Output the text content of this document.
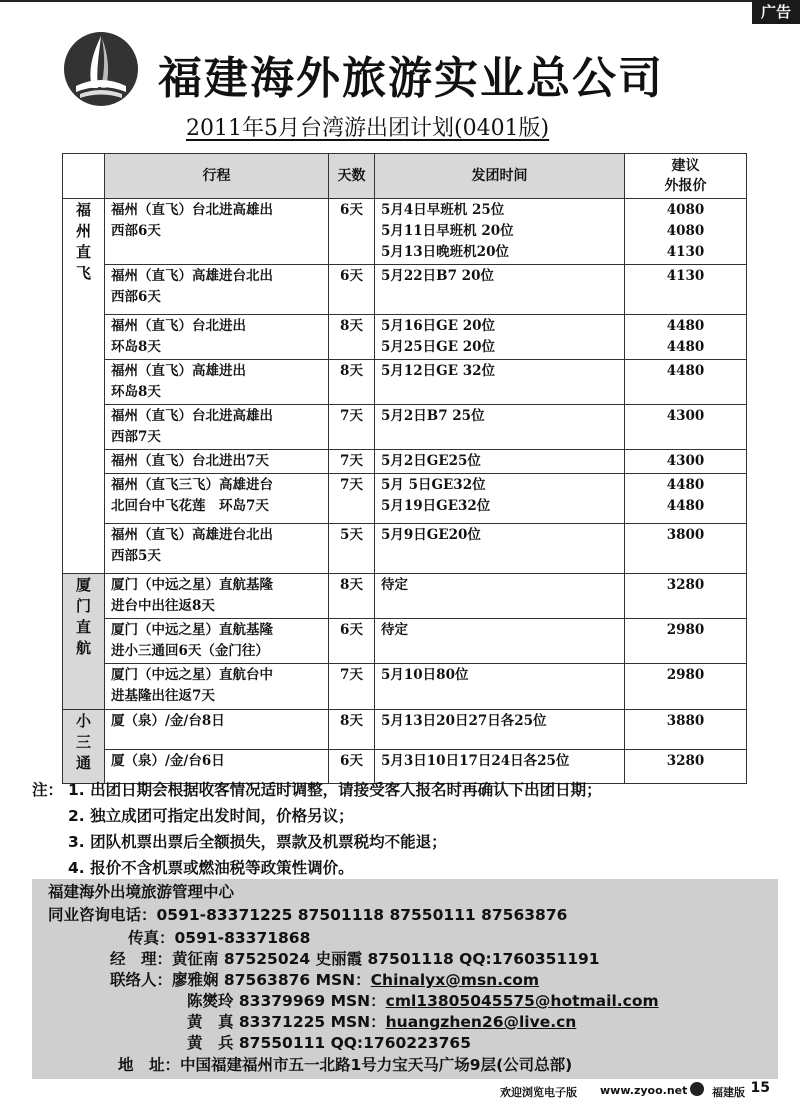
广告
福建海外旅游实业总公司
2011年5月台湾游出团计划(0401版)
	行程	天数	发团时间	建议
外报价

福
州
直
飞	福州（直飞）台北进高雄出
西部6天	6天	5月4日早班机 25位
5月11日早班机 20位
5月13日晚班机20位	4080
4080
4130

	福州（直飞）高雄进台北出
西部6天	6天	5月22日B7 20位	4130

	福州（直飞）台北进出
环岛8天	8天	5月16日GE 20位
5月25日GE 20位	4480
4480

	福州（直飞）高雄进出
环岛8天	8天	5月12日GE 32位	4480

	福州（直飞）台北进高雄出
西部7天	7天	5月2日B7 25位	4300

	福州（直飞）台北进出7天	7天	5月2日GE25位	4300

	福州（直飞三飞）高雄进台
北回台中飞花莲　环岛7天	7天	5月 5日GE32位
5月19日GE32位	4480
4480

	福州（直飞）高雄进台北出
西部5天	5天	5月9日GE20位	3800

厦
门
直
航	厦门（中远之星）直航基隆
进台中出往返8天	8天	待定	3280

	厦门（中远之星）直航基隆
进小三通回6天（金门往）	6天	待定	2980

	厦门（中远之星）直航台中
进基隆出往返7天	7天	5月10日80位	2980

小
三
通	厦（泉）/金/台8日	8天	5月13日20日27日各25位	3880

	厦（泉）/金/台6日	6天	5月3日10日17日24日各25位	3280
注： 1. 出团日期会根据收客情况适时调整，请接受客人报名时再确认下出团日期；
2. 独立成团可指定出发时间，价格另议；
3. 团队机票出票后全额损失，票款及机票税均不能退；
4. 报价不含机票或燃油税等政策性调价。
福建海外出境旅游管理中心
同业咨询电话：0591-83371225 87501118 87550111 87563876
传真：0591-83371868
经　理：黄征南 87525024 史丽霞 87501118 QQ:1760351191
联络人：廖雅娴 87563876 MSN：Chinalyx@msn.com
陈爕玲 83379969 MSN：cml13805045575@hotmail.com
黄　真 83371225 MSN：huangzhen26@live.cn
黄　兵 87550111 QQ:1760223765
地　址：中国福建福州市五一北路1号力宝天马广场9层(公司总部)
欢迎浏览电子版 www.zyoo.net 福建版 15
